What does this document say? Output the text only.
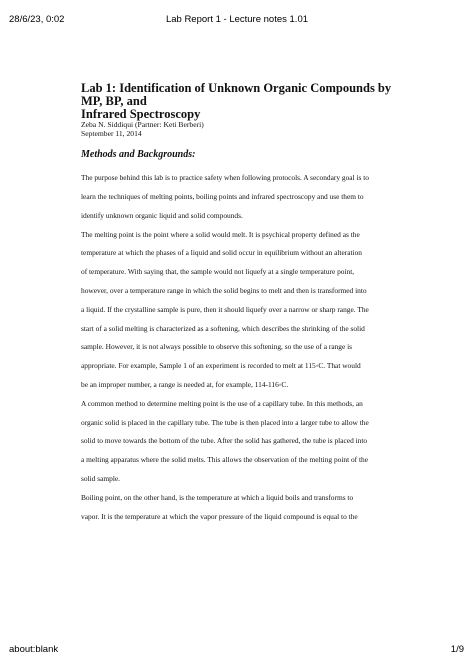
28/6/23, 0:02	Lab Report 1 - Lecture notes 1.01
Lab 1: Identification of Unknown Organic Compounds by MP, BP, and
Infrared Spectroscopy
Zeba N. Siddiqui (Partner: Keti Berberi)
September 11, 2014
Methods and Backgrounds:

The purpose behind this lab is to practice safety when following protocols. A secondary goal is to

learn the techniques of melting points, boiling points and infrared spectroscopy and use them to

identify unknown organic liquid and solid compounds.

The melting point is the point where a solid would melt. It is psychical property defined as the

temperature at which the phases of a liquid and solid occur in equilibrium without an alteration

of temperature. With saying that, the sample would not liquefy at a single temperature point,

however, over a temperature range in which the solid begins to melt and then is transformed into

a liquid. If the crystalline sample is pure, then it should liquefy over a narrow or sharp range. The

start of a solid melting is characterized as a softening, which describes the shrinking of the solid

sample. However, it is not always possible to observe this softening, so the use of a range is

appropriate. For example, Sample 1 of an experiment is recorded to melt at 115◦C. That would

be an improper number, a range is needed at, for example, 114-116◦C.

A common method to determine melting point is the use of a capillary tube. In this methods, an

organic solid is placed in the capillary tube. The tube is then placed into a larger tube to allow the

solid to move towards the bottom of the tube. After the solid has gathered, the tube is placed into

a melting apparatus where the solid melts. This allows the observation of the melting point of the

solid sample.

Boiling point, on the other hand, is the temperature at which a liquid boils and transforms to

vapor. It is the temperature at which the vapor pressure of the liquid compound is equal to the

about:blank	1/9
